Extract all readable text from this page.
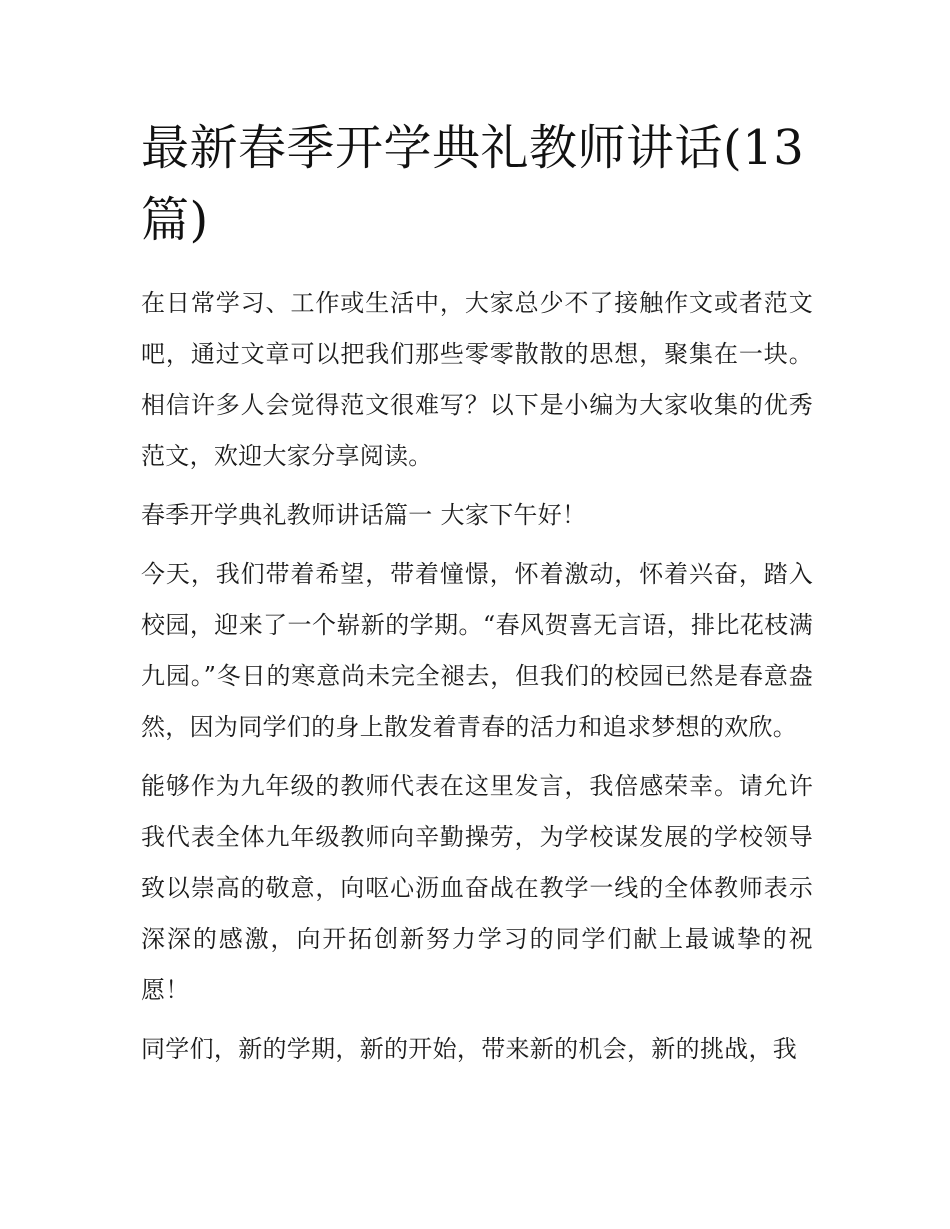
最新春季开学典礼教师讲话(13篇)

在日常学习、工作或生活中，大家总少不了接触作文或者范文吧，通过文章可以把我们那些零零散散的思想，聚集在一块。相信许多人会觉得范文很难写？以下是小编为大家收集的优秀范文，欢迎大家分享阅读。

春季开学典礼教师讲话篇一 大家下午好！

今天，我们带着希望，带着憧憬，怀着激动，怀着兴奋，踏入校园，迎来了一个崭新的学期。“春风贺喜无言语，排比花枝满九园。”冬日的寒意尚未完全褪去，但我们的校园已然是春意盎然，因为同学们的身上散发着青春的活力和追求梦想的欢欣。

能够作为九年级的教师代表在这里发言，我倍感荣幸。请允许我代表全体九年级教师向辛勤操劳，为学校谋发展的学校领导致以崇高的敬意，向呕心沥血奋战在教学一线的全体教师表示深深的感激，向开拓创新努力学习的同学们献上最诚挚的祝愿！

同学们，新的学期，新的开始，带来新的机会，新的挑战，我
